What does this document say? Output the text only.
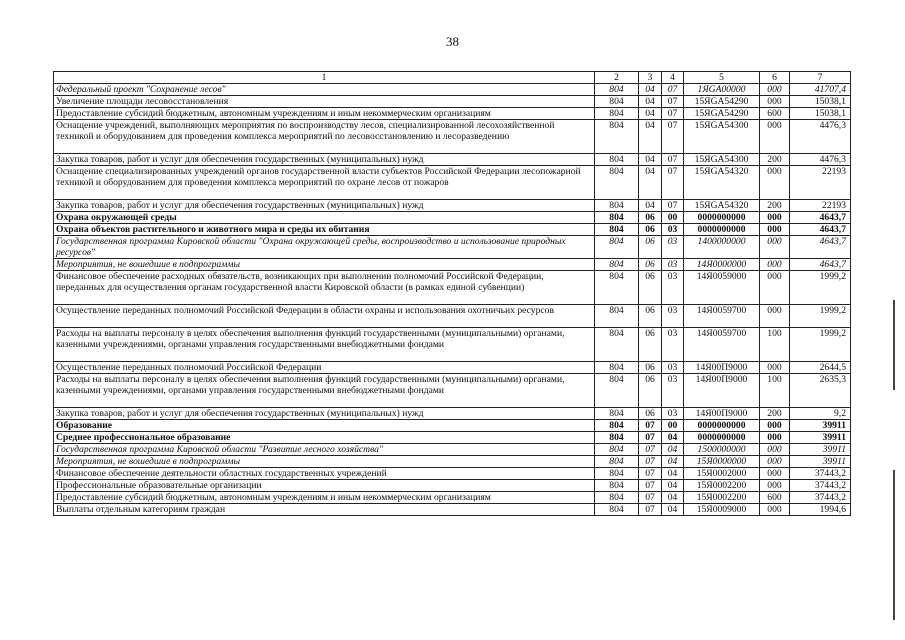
38
1	2	3	4	5	6	7
Федеральный проект "Сохранение лесов"	804	04	07	1ЯGA00000	000	41707,4
Увеличение площади лесовосстановления	804	04	07	15ЯGA54290	000	15038,1
Предоставление субсидий бюджетным, автономным учреждениям и иным некоммерческим организациям	804	04	07	15ЯGA54290	600	15038,1
Оснащение учреждений, выполняющих мероприятия по воспроизводству лесов, специализированной лесохозяйственной техникой и оборудованием для проведения комплекса мероприятий по лесовосстановлению и лесоразведению	804	04	07	15ЯGA54300	000	4476,3
Закупка товаров, работ и услуг для обеспечения государственных (муниципальных) нужд	804	04	07	15ЯGA54300	200	4476,3
Оснащение специализированных учреждений органов государственной власти субъектов Российской Федерации лесопожарной техникой и оборудованием для проведения комплекса мероприятий по охране лесов от пожаров	804	04	07	15ЯGA54320	000	22193
Закупка товаров, работ и услуг для обеспечения государственных (муниципальных) нужд	804	04	07	15ЯGA54320	200	22193
Охрана окружающей среды	804	06	00	0000000000	000	4643,7
Охрана объектов растительного и животного мира и среды их обитания	804	06	03	0000000000	000	4643,7
Государственная программа Кировской области "Охрана окружающей среды, воспроизводство и использование природных ресурсов"	804	06	03	1400000000	000	4643,7
Мероприятия, не вошедшие в подпрограммы	804	06	03	14Я0000000	000	4643,7
Финансовое обеспечение расходных обязательств, возникающих при выполнении полномочий Российской Федерации, переданных для осуществления органам государственной власти Кировской области (в рамках единой субвенции)	804	06	03	14Я0059000	000	1999,2
Осуществление переданных полномочий Российской Федерации в области охраны и использования охотничьих ресурсов	804	06	03	14Я0059700	000	1999,2
Расходы на выплаты персоналу в целях обеспечения выполнения функций государственными (муниципальными) органами, казенными учреждениями, органами управления государственными внебюджетными фондами	804	06	03	14Я0059700	100	1999,2
Осуществление переданных полномочий Российской Федерации	804	06	03	14Я00П9000	000	2644,5
Расходы на выплаты персоналу в целях обеспечения выполнения функций государственными (муниципальными) органами, казенными учреждениями, органами управления государственными внебюджетными фондами	804	06	03	14Я00П9000	100	2635,3
Закупка товаров, работ и услуг для обеспечения государственных (муниципальных) нужд	804	06	03	14Я00П9000	200	9,2
Образование	804	07	00	0000000000	000	39911
Среднее профессиональное образование	804	07	04	0000000000	000	39911
Государственная программа Кировской области "Развитие лесного хозяйства"	804	07	04	1500000000	000	39911
Мероприятия, не вошедшие в подпрограммы	804	07	04	15Я0000000	000	39911
Финансовое обеспечение деятельности областных государственных учреждений	804	07	04	15Я0002000	000	37443,2
Профессиональные образовательные организации	804	07	04	15Я0002200	000	37443,2
Предоставление субсидий бюджетным, автономным учреждениям и иным некоммерческим организациям	804	07	04	15Я0002200	600	37443,2
Выплаты отдельным категориям граждан	804	07	04	15Я0009000	000	1994,6
